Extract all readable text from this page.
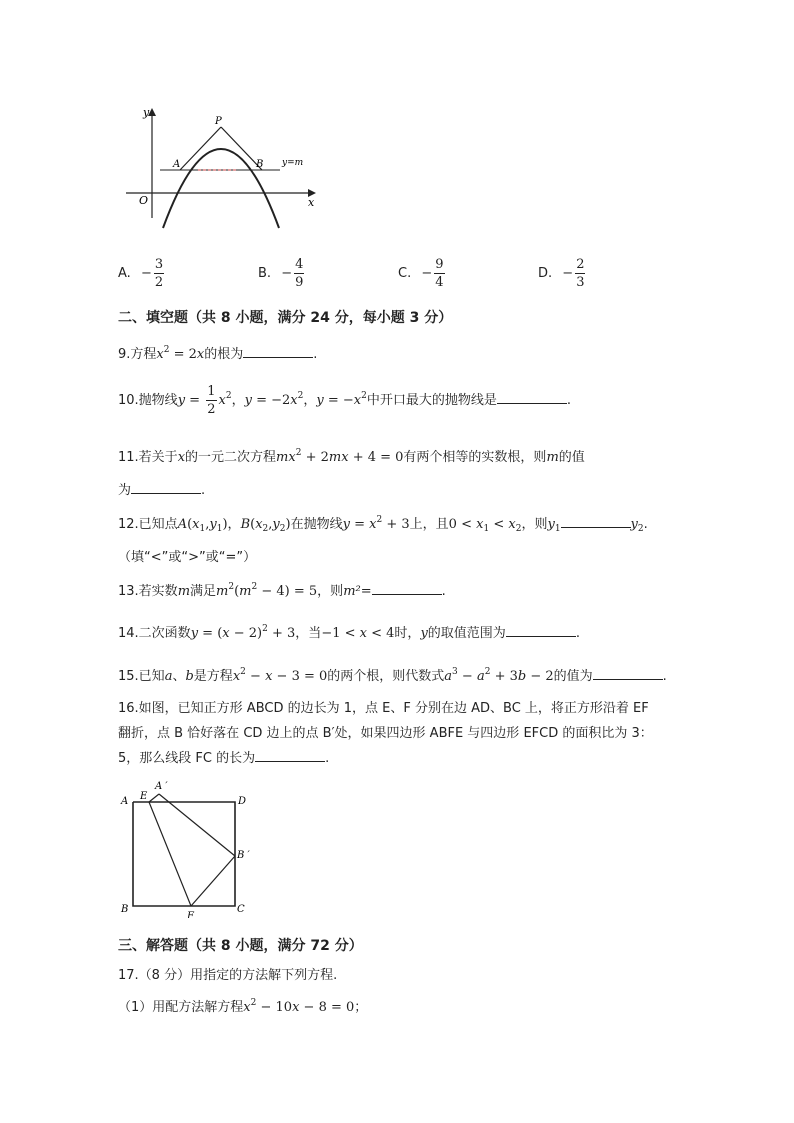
y
x
O
P
A	B y=m
A. − $\frac{3}{2}$	B. − $\frac{4}{9}$	C. − $\frac{9}{4}$	D. − $\frac{2}{3}$
二、填空题（共 8 小题，满分 24 分，每小题 3 分）
9.方程$x^2 = 2x$的根为	.
10.抛物线$y = \frac{1}{2} x^2$，$y = -2x^2$，$y = -x^2$中开口最大的抛物线是	.
11.若关于x的一元二次方程$mx^2 + 2mx + 4 = 0$有两个相等的实数根，则m的值
为	.
12.已知点$A(x_1,y_1)$，$B(x_2,y_2)$在抛物线$y = x^2 + 3$上，且$0 < x_1 < x_2$，则$y_1$	$y_2$.
（填“<”或“>”或“=”）
13.若实数m满足$m^2(m^2 - 4) = 5$，则m²=	.
14.二次函数$y = (x - 2)^2 + 3$，当−1 < x < 4时，y的取值范围为	.
15.已知a、b是方程$x^2 - x - 3 = 0$的两个根，则代数式$a^3 - a^2 + 3b - 2$的值为	.
16.如图，已知正方形 ABCD 的边长为 1，点 E、F 分别在边 AD、BC 上，将正方形沿着 EF
翻折，点 B 恰好落在 CD 边上的点 B′处，如果四边形 ABFE 与四边形 EFCD 的面积比为 3：
5，那么线段 FC 的长为	.
A E
A ′
D
B ′
B
F
C
三、解答题（共 8 小题，满分 72 分）
17.（8 分）用指定的方法解下列方程.
（1）用配方法解方程$x^2 - 10x - 8 = 0$；
